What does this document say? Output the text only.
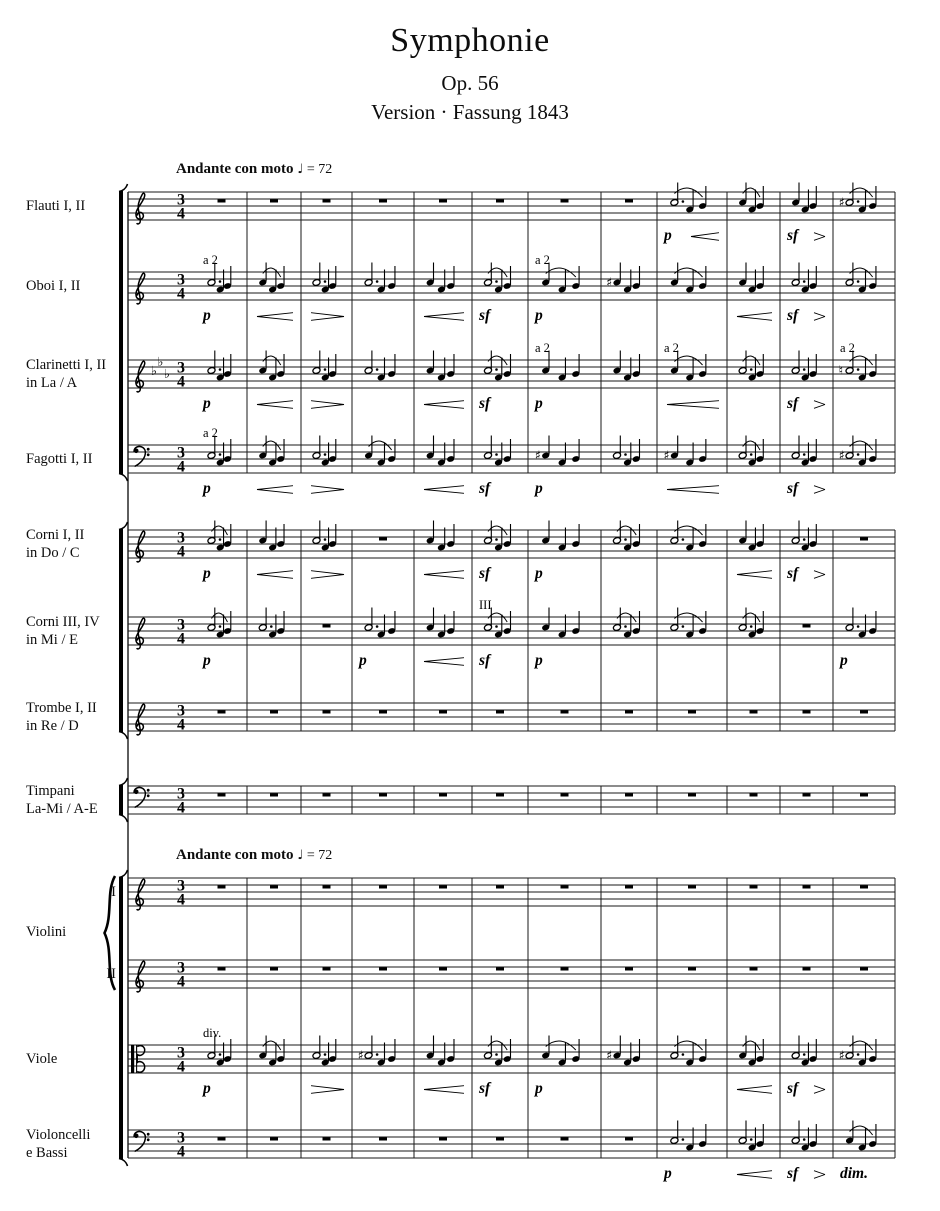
Symphonie
Op. 56
Version · Fassung 1843
Andante con moto ♩ = 72
Andante con moto ♩ = 72
Violini
Flauti I, II
Oboi I, II
Clarinetti I, II
in La / A
Fagotti I, II
Corni I, II
in Do / C
Corni III, IV
in Mi / E
Trombe I, II
in Re / D
Timpani
La-Mi / A-E
I
II
Viole
Violoncelli
e Bassi
3
4
p	sf
♯
3
4
a 2
p	sf
a 2
p
♯
sf
♭
♭
♭ 3
4
p	sf
a 2
p
a 2
sf
♮
a 2
3
4
a 2
p	sf
♯
p
♯
sf
♯
3
4
p	sf	p	sf
3
4
p	p
III
sf	p	p
3
4
3
4
3
4
3
4
3
4
div.
p
♯
sf	p
♯
sf
♯
3
4
p	sf	dim.
